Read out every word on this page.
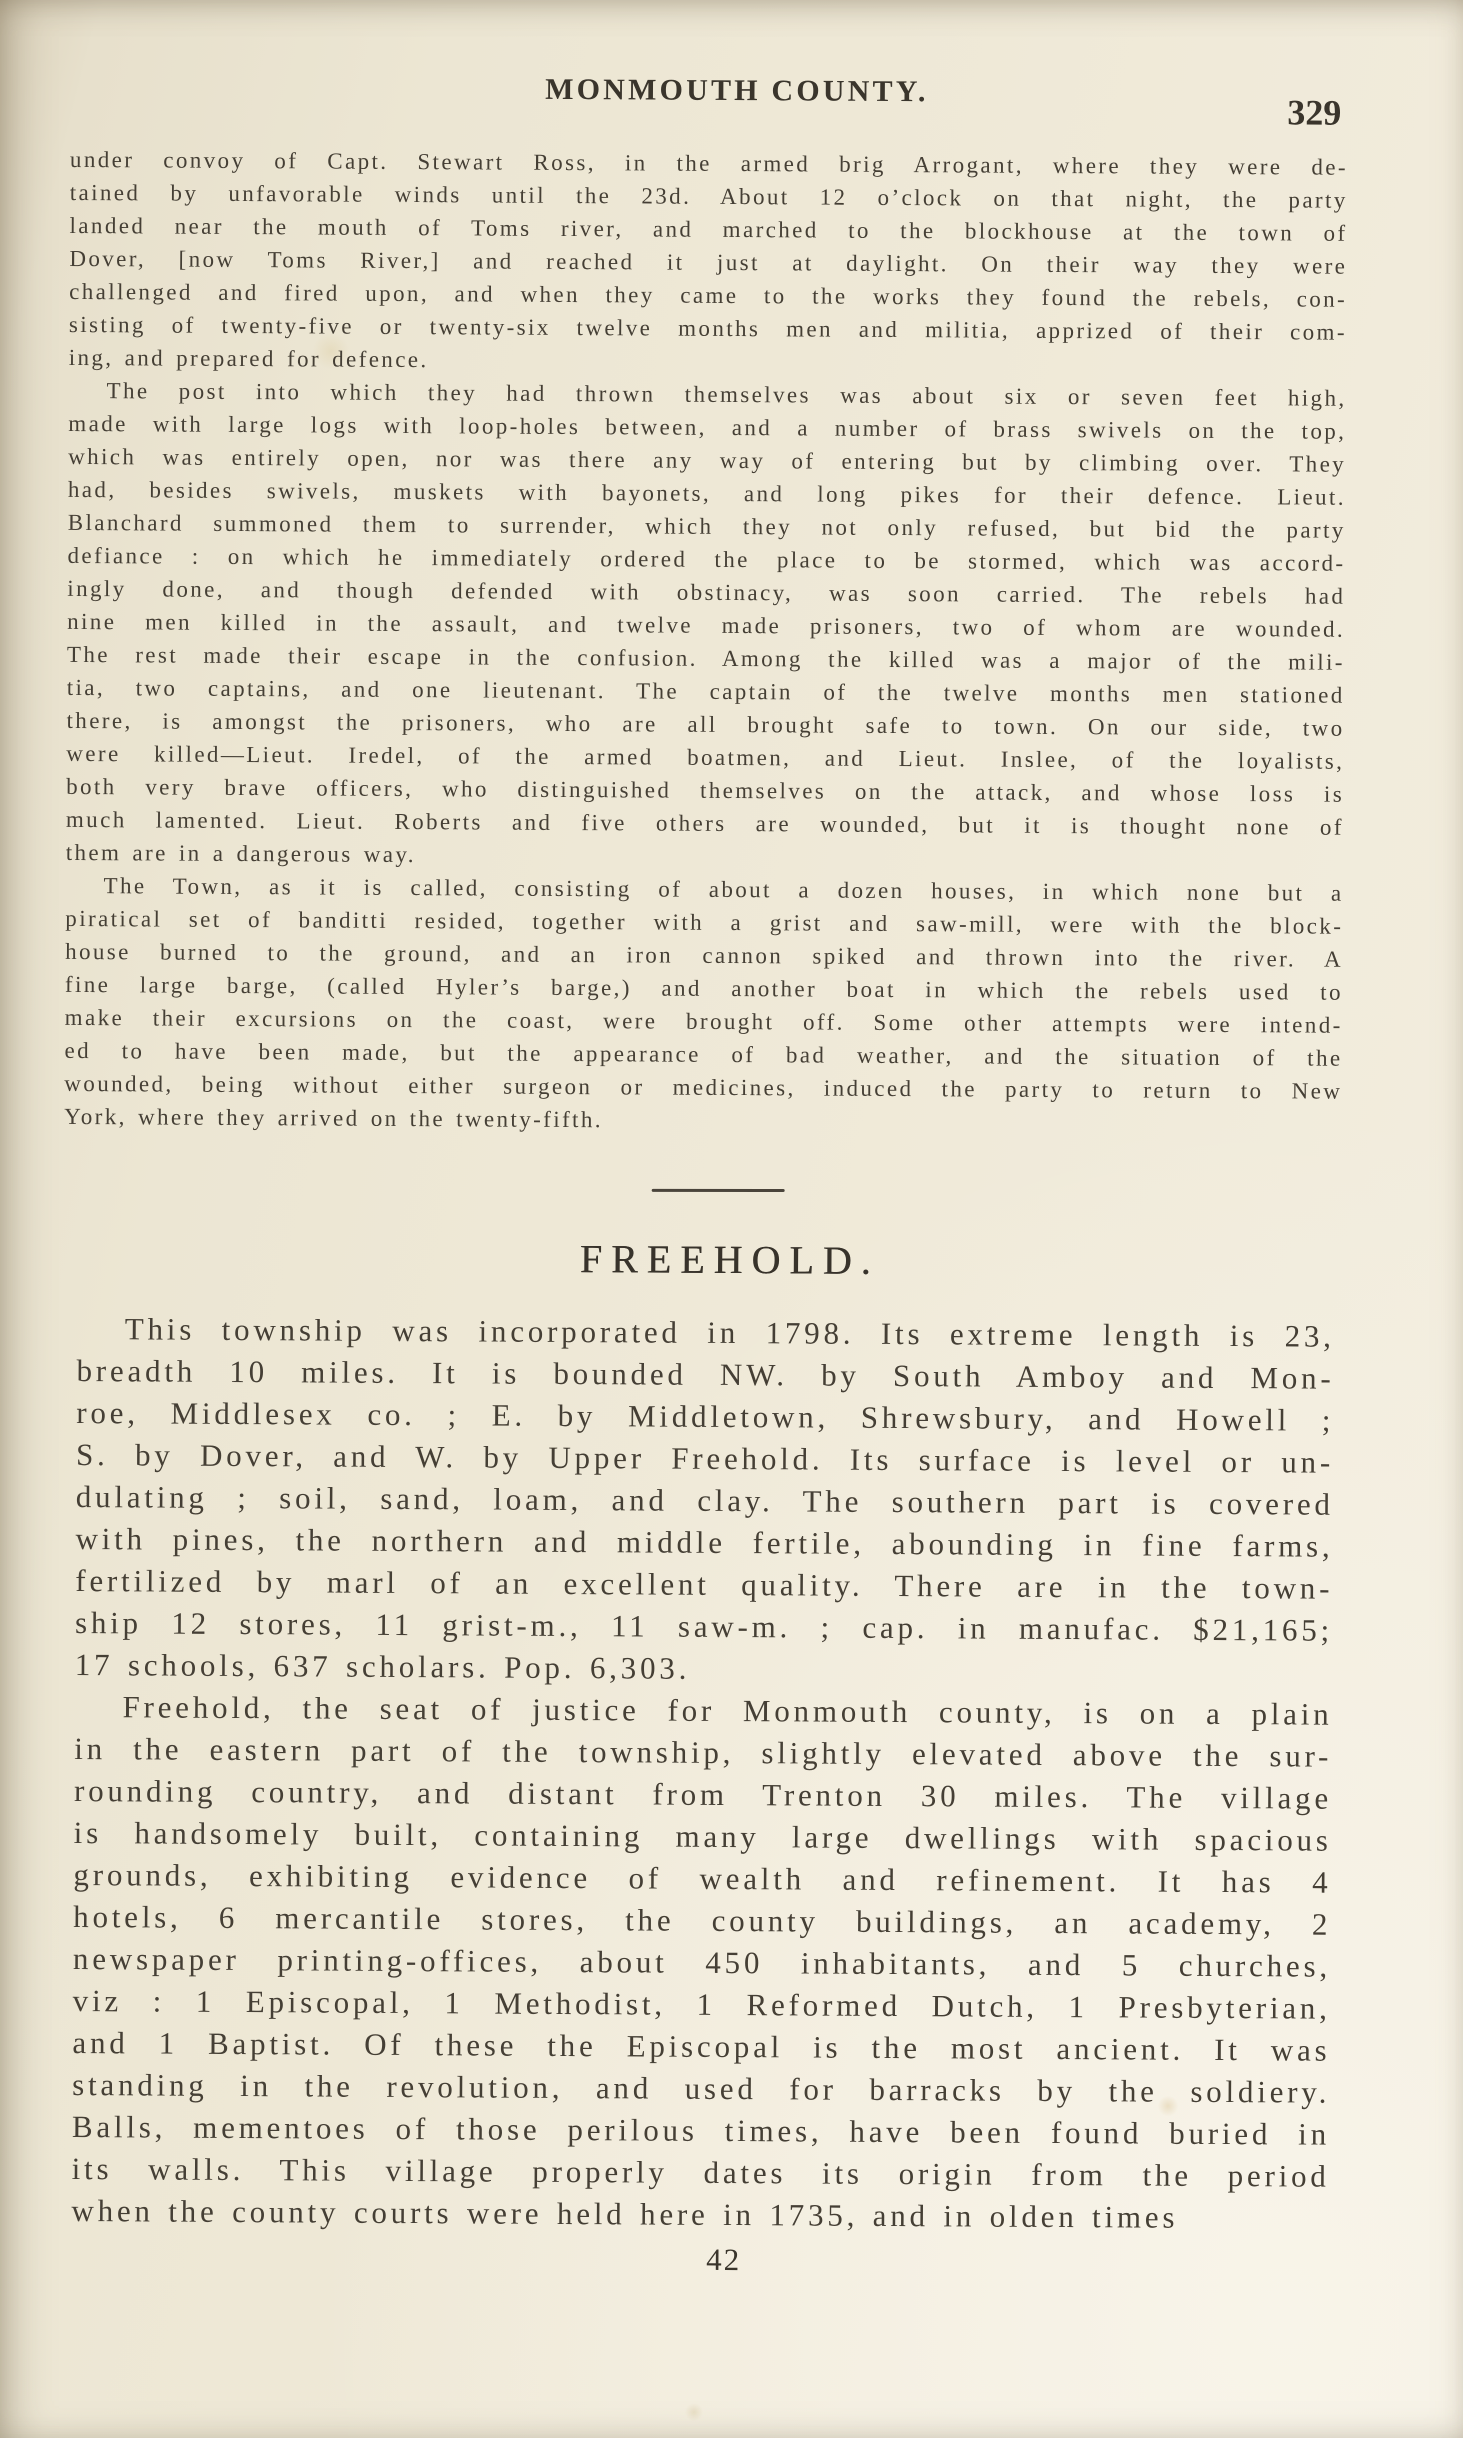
MONMOUTH COUNTY.
329
under convoy of Capt. Stewart Ross, in the armed brig Arrogant, where they were de-
tained by unfavorable winds until the 23d. About 12 o’clock on that night, the party
landed near the mouth of Toms river, and marched to the blockhouse at the town of
Dover, [now Toms River,] and reached it just at daylight. On their way they were
challenged and fired upon, and when they came to the works they found the rebels, con-
sisting of twenty-five or twenty-six twelve months men and militia, apprized of their com-
ing, and prepared for defence.
The post into which they had thrown themselves was about six or seven feet high,
made with large logs with loop-holes between, and a number of brass swivels on the top,
which was entirely open, nor was there any way of entering but by climbing over. They
had, besides swivels, muskets with bayonets, and long pikes for their defence. Lieut.
Blanchard summoned them to surrender, which they not only refused, but bid the party
defiance : on which he immediately ordered the place to be stormed, which was accord-
ingly done, and though defended with obstinacy, was soon carried. The rebels had
nine men killed in the assault, and twelve made prisoners, two of whom are wounded.
The rest made their escape in the confusion. Among the killed was a major of the mili-
tia, two captains, and one lieutenant. The captain of the twelve months men stationed
there, is amongst the prisoners, who are all brought safe to town. On our side, two
were killed—Lieut. Iredel, of the armed boatmen, and Lieut. Inslee, of the loyalists,
both very brave officers, who distinguished themselves on the attack, and whose loss is
much lamented. Lieut. Roberts and five others are wounded, but it is thought none of
them are in a dangerous way.
The Town, as it is called, consisting of about a dozen houses, in which none but a
piratical set of banditti resided, together with a grist and saw-mill, were with the block-
house burned to the ground, and an iron cannon spiked and thrown into the river. A
fine large barge, (called Hyler’s barge,) and another boat in which the rebels used to
make their excursions on the coast, were brought off. Some other attempts were intend-
ed to have been made, but the appearance of bad weather, and the situation of the
wounded, being without either surgeon or medicines, induced the party to return to New
York, where they arrived on the twenty-fifth.
FREEHOLD.
This township was incorporated in 1798. Its extreme length is 23,
breadth 10 miles. It is bounded NW. by South Amboy and Mon-
roe, Middlesex co. ; E. by Middletown, Shrewsbury, and Howell ;
S. by Dover, and W. by Upper Freehold. Its surface is level or un-
dulating ; soil, sand, loam, and clay. The southern part is covered
with pines, the northern and middle fertile, abounding in fine farms,
fertilized by marl of an excellent quality. There are in the town-
ship 12 stores, 11 grist-m., 11 saw-m. ; cap. in manufac. $21,165;
17 schools, 637 scholars. Pop. 6,303.
Freehold, the seat of justice for Monmouth county, is on a plain
in the eastern part of the township, slightly elevated above the sur-
rounding country, and distant from Trenton 30 miles. The village
is handsomely built, containing many large dwellings with spacious
grounds, exhibiting evidence of wealth and refinement. It has 4
hotels, 6 mercantile stores, the county buildings, an academy, 2
newspaper printing-offices, about 450 inhabitants, and 5 churches,
viz : 1 Episcopal, 1 Methodist, 1 Reformed Dutch, 1 Presbyterian,
and 1 Baptist. Of these the Episcopal is the most ancient. It was
standing in the revolution, and used for barracks by the soldiery.
Balls, mementoes of those perilous times, have been found buried in
its walls. This village properly dates its origin from the period
when the county courts were held here in 1735, and in olden times
42
